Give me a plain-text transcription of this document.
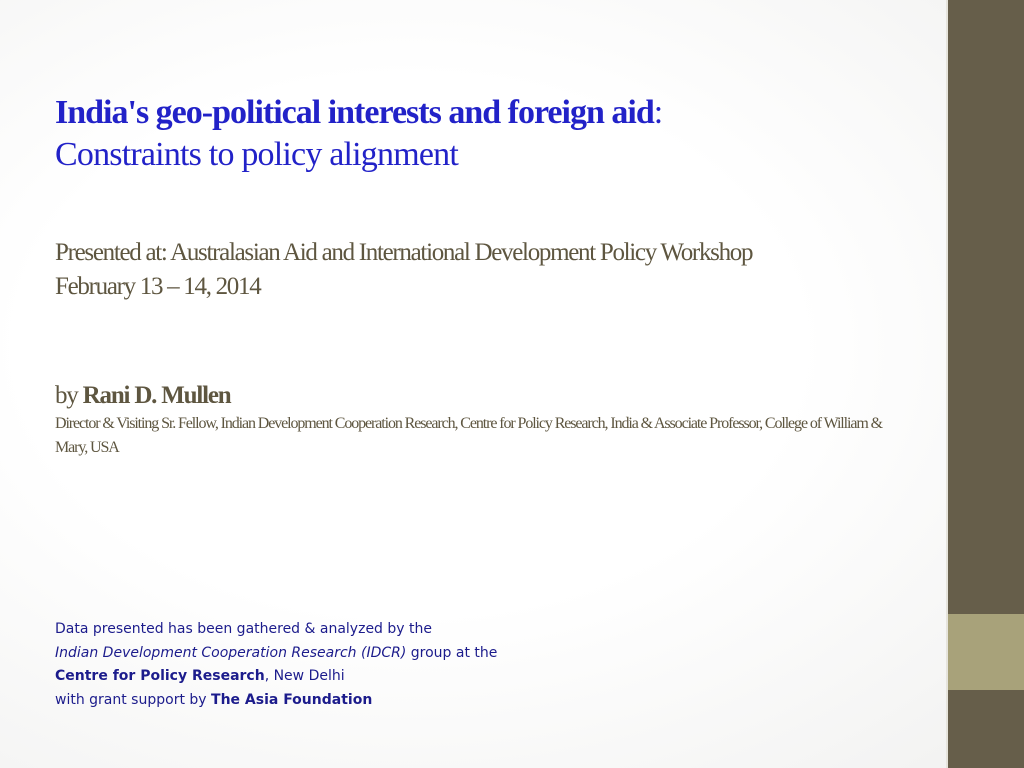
India's geo-political interests and foreign aid:
Constraints to policy alignment
Presented at: Australasian Aid and International Development Policy Workshop
February 13 – 14, 2014
by Rani D. Mullen
Director & Visiting Sr. Fellow, Indian Development Cooperation Research, Centre for Policy Research, India & Associate Professor, College of William & Mary, USA
Data presented has been gathered & analyzed by the
Indian Development Cooperation Research (IDCR) group at the
Centre for Policy Research, New Delhi
with grant support by The Asia Foundation
